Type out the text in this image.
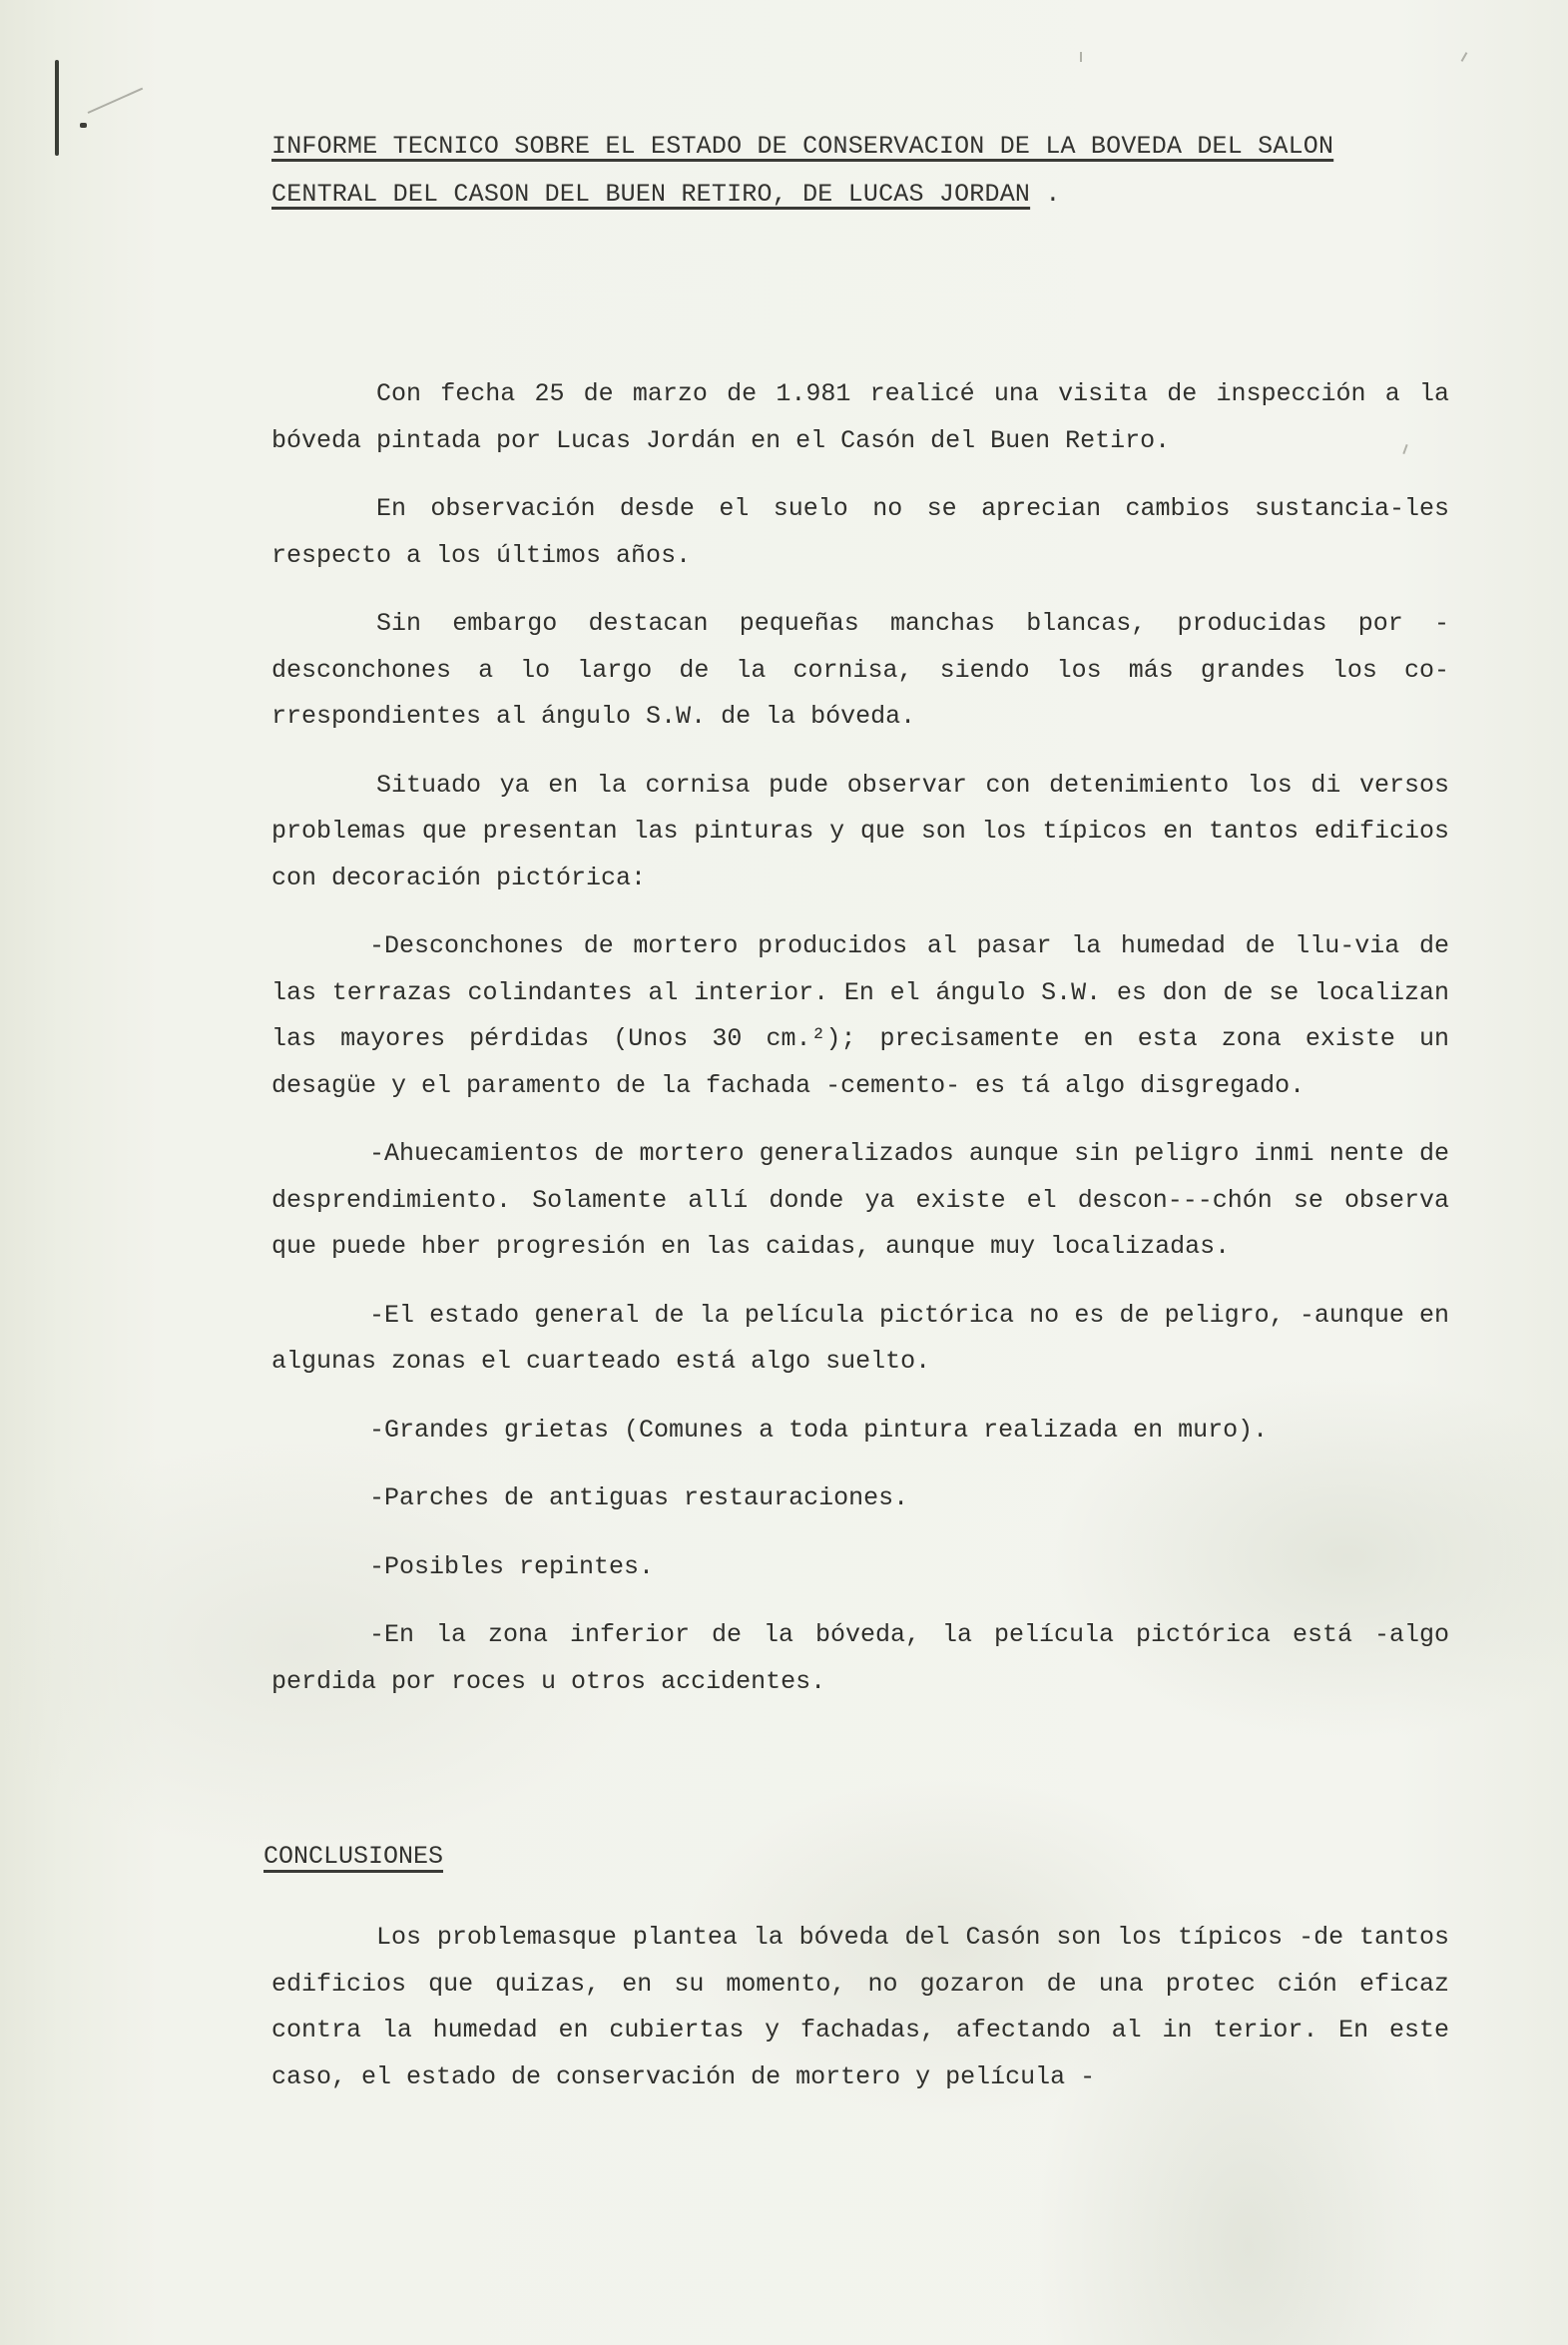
INFORME TECNICO SOBRE EL ESTADO DE CONSERVACION DE LA BOVEDA DEL SALON
CENTRAL DEL CASON DEL BUEN RETIRO, DE LUCAS JORDAN .

Con fecha 25 de marzo de 1.981 realicé una visita de inspección a la bóveda pintada por Lucas Jordán en el Casón del Buen Retiro.

En observación desde el suelo no se aprecian cambios sustancia-les respecto a los últimos años.

Sin embargo destacan pequeñas manchas blancas, producidas por -desconchones a lo largo de la cornisa, siendo los más grandes los co-rrespondientes al ángulo S.W. de la bóveda.

Situado ya en la cornisa pude observar con detenimiento los di versos problemas que presentan las pinturas y que son los típicos en tantos edificios con decoración pictórica:

-Desconchones de mortero producidos al pasar la humedad de llu-via de las terrazas colindantes al interior. En el ángulo S.W. es don de se localizan las mayores pérdidas (Unos 30 cm.²); precisamente en esta zona existe un desagüe y el paramento de la fachada -cemento- es tá algo disgregado.

-Ahuecamientos de mortero generalizados aunque sin peligro inmi nente de desprendimiento. Solamente allí donde ya existe el descon---chón se observa que puede hber progresión en las caidas, aunque muy localizadas.

-El estado general de la película pictórica no es de peligro, -aunque en algunas zonas el cuarteado está algo suelto.

-Grandes grietas (Comunes a toda pintura realizada en muro).

-Parches de antiguas restauraciones.

-Posibles repintes.

-En la zona inferior de la bóveda, la película pictórica está -algo perdida por roces u otros accidentes.

CONCLUSIONES

Los problemasque plantea la bóveda del Casón son los típicos -de tantos edificios que quizas, en su momento, no gozaron de una protec ción eficaz contra la humedad en cubiertas y fachadas, afectando al in terior. En este caso, el estado de conservación de mortero y película -
